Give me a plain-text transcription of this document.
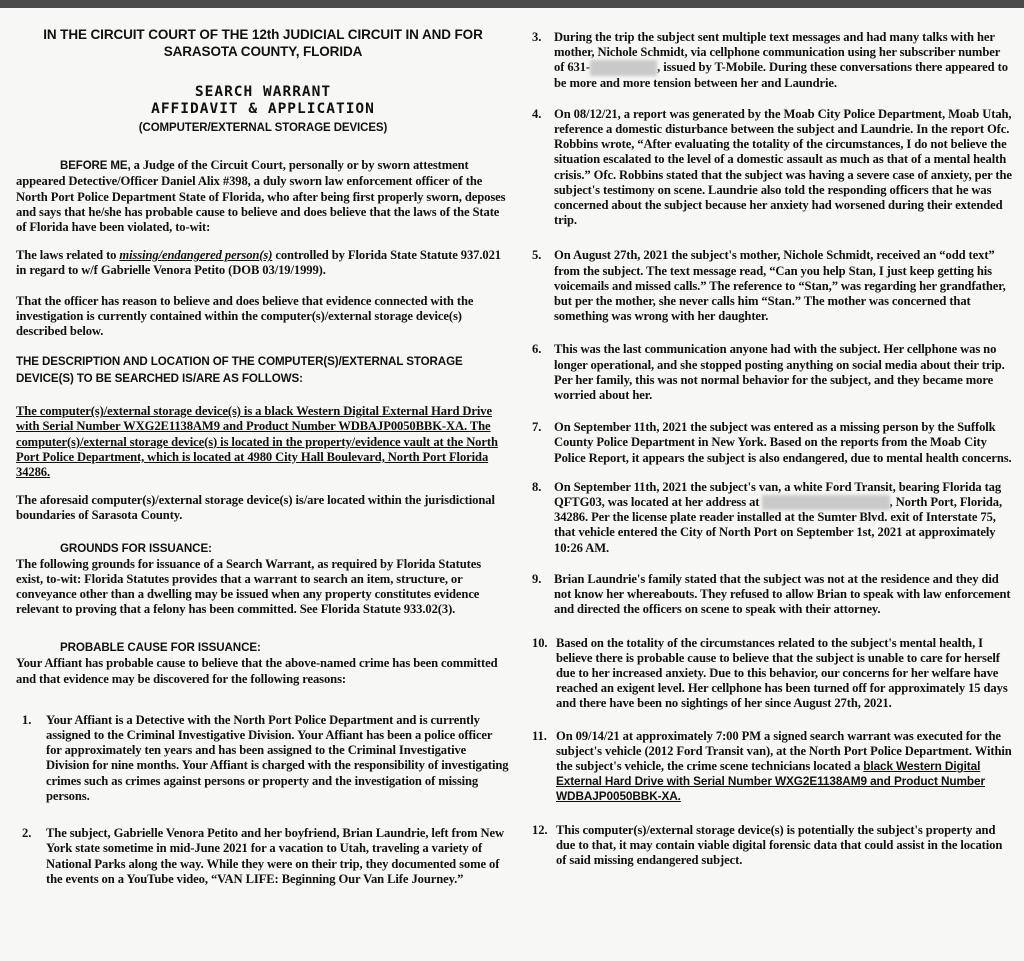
IN THE CIRCUIT COURT OF THE 12th JUDICIAL CIRCUIT IN AND FOR
SARASOTA COUNTY, FLORIDA
SEARCH WARRANT
AFFIDAVIT & APPLICATION
(COMPUTER/EXTERNAL STORAGE DEVICES)

BEFORE ME, a Judge of the Circuit Court, personally or by sworn attestment appeared Detective/Officer Daniel Alix #398, a duly sworn law enforcement officer of the North Port Police Department State of Florida, who after being first properly sworn, deposes and says that he/she has probable cause to believe and does believe that the laws of the State of Florida have been violated, to-wit:

The laws related to missing/endangered person(s) controlled by Florida State Statute 937.021 in regard to w/f Gabrielle Venora Petito (DOB 03/19/1999).

That the officer has reason to believe and does believe that evidence connected with the investigation is currently contained within the computer(s)/external storage device(s) described below.

THE DESCRIPTION AND LOCATION OF THE COMPUTER(S)/EXTERNAL STORAGE DEVICE(S) TO BE SEARCHED IS/ARE AS FOLLOWS:

The computer(s)/external storage device(s) is a black Western Digital External Hard Drive with Serial Number WXG2E1138AM9 and Product Number WDBAJP0050BBK-XA. The computer(s)/external storage device(s) is located in the property/evidence vault at the North Port Police Department, which is located at 4980 City Hall Boulevard, North Port Florida 34286.

The aforesaid computer(s)/external storage device(s) is/are located within the jurisdictional boundaries of Sarasota County.

GROUNDS FOR ISSUANCE:

The following grounds for issuance of a Search Warrant, as required by Florida Statutes exist, to-wit: Florida Statutes provides that a warrant to search an item, structure, or conveyance other than a dwelling may be issued when any property constitutes evidence relevant to proving that a felony has been committed. See Florida Statute 933.02(3).

PROBABLE CAUSE FOR ISSUANCE:

Your Affiant has probable cause to believe that the above-named crime has been committed and that evidence may be discovered for the following reasons:

1.	Your Affiant is a Detective with the North Port Police Department and is currently assigned to the Criminal Investigative Division. Your Affiant has been a police officer for approximately ten years and has been assigned to the Criminal Investigative Division for nine months. Your Affiant is charged with the responsibility of investigating crimes such as crimes against persons or property and the investigation of missing persons.
2.	The subject, Gabrielle Venora Petito and her boyfriend, Brian Laundrie, left from New York state sometime in mid-June 2021 for a vacation to Utah, traveling a variety of National Parks along the way. While they were on their trip, they documented some of the events on a YouTube video, “VAN LIFE: Beginning Our Van Life Journey.”
3.	During the trip the subject sent multiple text messages and had many talks with her mother, Nichole Schmidt, via cellphone communication using her subscriber number of 631-	, issued by T-Mobile. During these conversations there appeared to be more and more tension between her and Laundrie.
4.	On 08/12/21, a report was generated by the Moab City Police Department, Moab Utah, reference a domestic disturbance between the subject and Laundrie. In the report Ofc. Robbins wrote, “After evaluating the totality of the circumstances, I do not believe the situation escalated to the level of a domestic assault as much as that of a mental health crisis.” Ofc. Robbins stated that the subject was having a severe case of anxiety, per the subject's testimony on scene. Laundrie also told the responding officers that he was concerned about the subject because her anxiety had worsened during their extended trip.
5.	On August 27th, 2021 the subject's mother, Nichole Schmidt, received an “odd text” from the subject. The text message read, “Can you help Stan, I just keep getting his voicemails and missed calls.” The reference to “Stan,” was regarding her grandfather, but per the mother, she never calls him “Stan.” The mother was concerned that something was wrong with her daughter.
6.	This was the last communication anyone had with the subject. Her cellphone was no longer operational, and she stopped posting anything on social media about their trip. Per her family, this was not normal behavior for the subject, and they became more worried about her.
7.	On September 11th, 2021 the subject was entered as a missing person by the Suffolk County Police Department in New York. Based on the reports from the Moab City Police Report, it appears the subject is also endangered, due to mental health concerns.
8.	On September 11th, 2021 the subject's van, a white Ford Transit, bearing Florida tag QFTG03, was located at her address at	, North Port, Florida, 34286. Per the license plate reader installed at the Sumter Blvd. exit of Interstate 75, that vehicle entered the City of North Port on September 1st, 2021 at approximately 10:26 AM.
9.	Brian Laundrie's family stated that the subject was not at the residence and they did not know her whereabouts. They refused to allow Brian to speak with law enforcement and directed the officers on scene to speak with their attorney.
10. Based on the totality of the circumstances related to the subject's mental health, I believe there is probable cause to believe that the subject is unable to care for herself due to her increased anxiety. Due to this behavior, our concerns for her welfare have reached an exigent level. Her cellphone has been turned off for approximately 15 days and there have been no sightings of her since August 27th, 2021.
11. On 09/14/21 at approximately 7:00 PM a signed search warrant was executed for the subject's vehicle (2012 Ford Transit van), at the North Port Police Department. Within the subject's vehicle, the crime scene technicians located a black Western Digital External Hard Drive with Serial Number WXG2E1138AM9 and Product Number WDBAJP0050BBK-XA.
12. This computer(s)/external storage device(s) is potentially the subject's property and due to that, it may contain viable digital forensic data that could assist in the location of said missing endangered subject.
